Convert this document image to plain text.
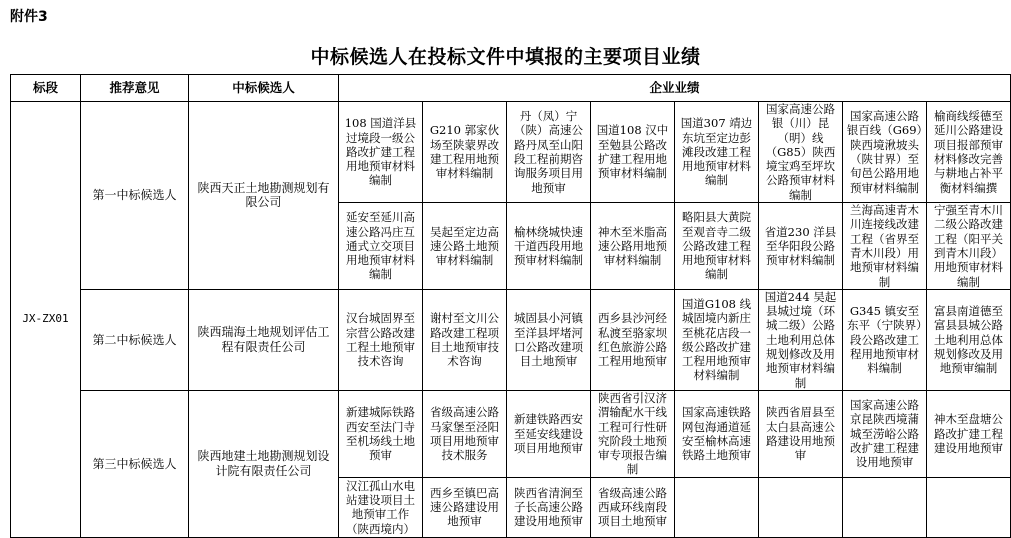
附件3
中标候选人在投标文件中填报的主要项目业绩
标段	推荐意见	中标候选人	企业业绩							
JX-ZX01	第一中标候选人	陕西天正土地勘测规划有限公司	108 国道洋县过境段一级公路改扩建工程用地预审材料编制	G210 郭家伙场至陕蒙界改建工程用地预审材料编制	丹（凤）宁（陕）高速公路丹凤至山阳段工程前期咨询服务项目用地预审	国道108 汉中至勉县公路改扩建工程用地预审材料编制	国道307 靖边东坑至定边彭滩段改建工程用地预审材料编制	国家高速公路银（川）昆（明）线（G85）陕西境宝鸡至坪坎公路预审材料编制	国家高速公路银百线（G69）陕西境湫坡头（陕甘界）至旬邑公路用地预审材料编制	榆商线绥德至延川公路建设项目报部预审材料修改完善与耕地占补平衡材料编撰
			延安至延川高速公路冯庄互通式立交项目用地预审材料编制	吴起至定边高速公路土地预审材料编制	榆林绕城快速干道西段用地预审材料编制	神木至米脂高速公路用地预审材料编制	略阳县大黄院至观音寺二级公路改建工程用地预审材料编制	省道230 洋县至华阳段公路预审材料编制	兰海高速青木川连接线改建工程（省界至青木川段）用地预审材料编制	宁强至青木川二级公路改建工程（阳平关到青木川段）用地预审材料编制
	第二中标候选人	陕西瑞海土地规划评估工程有限责任公司	汉台城固界至宗营公路改建工程土地预审技术咨询	谢村至文川公路改建工程项目土地预审技术咨询	城固县小河镇至洋县坪堵河口公路改建项目土地预审	西乡县沙河经私渡至骆家坝红色旅游公路工程用地预审	国道G108 线城固境内新庄至桃花店段一级公路改扩建工程用地预审材料编制	国道244 吴起县城过境（环城二级）公路土地利用总体规划修改及用地预审材料编制	G345 镇安至东平（宁陕界）段公路改建工程用地预审材料编制	富县南道德至富县县城公路土地利用总体规划修改及用地预审编制
	第三中标候选人	陕西地建土地勘测规划设计院有限责任公司	新建城际铁路西安至法门寺至机场线土地预审	省级高速公路马家堡至泾阳项目用地预审技术服务	新建铁路西安至延安线建设项目用地预审	陕西省引汉济渭输配水干线工程可行性研究阶段土地预审专项报告编制	国家高速铁路网包海通道延安至榆林高速铁路土地预审	陕西省眉县至太白县高速公路建设用地预审	国家高速公路京昆陕西境蒲城至涝峪公路改扩建工程建设用地预审	神木至盘塘公路改扩建工程建设用地预审
			汉江孤山水电站建设项目土地预审工作（陕西境内）	西乡至镇巴高速公路建设用地预审	陕西省清涧至子长高速公路建设用地预审	省级高速公路西咸环线南段项目土地预审				
